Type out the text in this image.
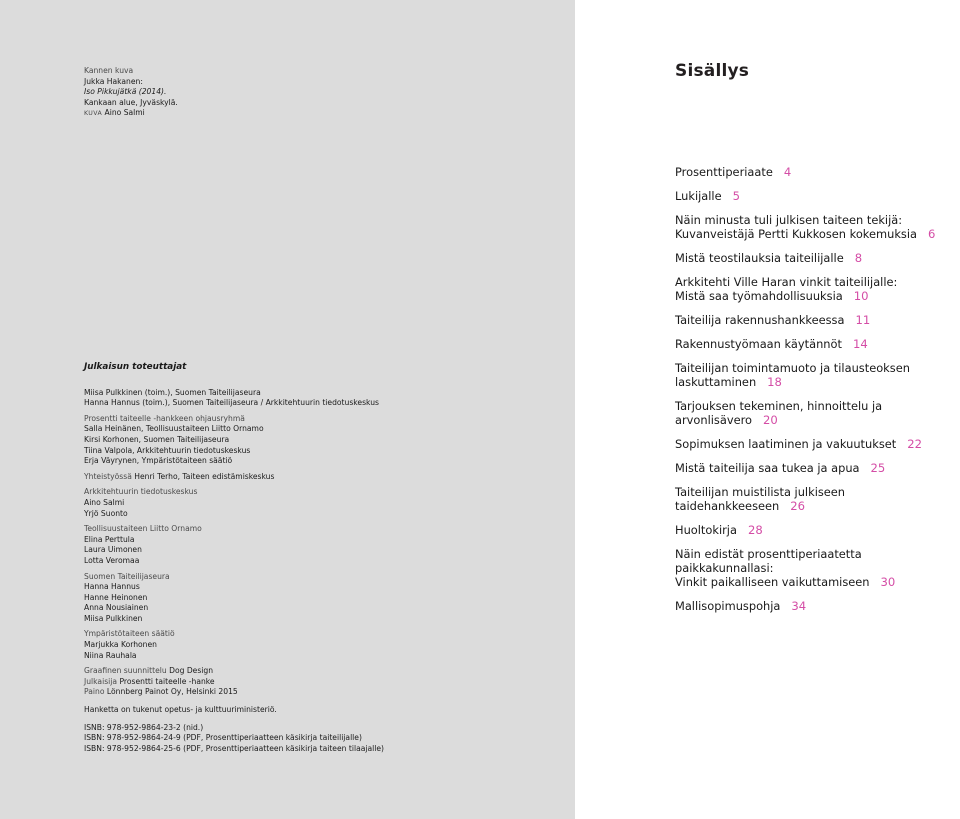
Kannen kuva
Jukka Hakanen:
Iso Pikkujätkä (2014).
Kankaan alue, Jyväskylä.
KUVA Aino Salmi
Julkaisun toteuttajat
Miisa Pulkkinen (toim.), Suomen Taiteilijaseura
Hanna Hannus (toim.), Suomen Taiteilijaseura / Arkkitehtuurin tiedotuskeskus
Prosentti taiteelle -hankkeen ohjausryhmä
Salla Heinänen, Teollisuustaiteen Liitto Ornamo
Kirsi Korhonen, Suomen Taiteilijaseura
Tiina Valpola, Arkkitehtuurin tiedotuskeskus
Erja Väyrynen, Ympäristötaiteen säätiö
Yhteistyössä Henri Terho, Taiteen edistämiskeskus
Arkkitehtuurin tiedotuskeskus
Aino Salmi
Yrjö Suonto
Teollisuustaiteen Liitto Ornamo
Elina Perttula
Laura Uimonen
Lotta Veromaa
Suomen Taiteilijaseura
Hanna Hannus
Hanne Heinonen
Anna Nousiainen
Miisa Pulkkinen
Ympäristötaiteen säätiö
Marjukka Korhonen
Niina Rauhala
Graafinen suunnittelu Dog Design
Julkaisija Prosentti taiteelle -hanke
Paino Lönnberg Painot Oy, Helsinki 2015
Hanketta on tukenut opetus- ja kulttuuriministeriö.
ISNB: 978-952-9864-23-2 (nid.)
ISBN: 978-952-9864-24-9 (PDF, Prosenttiperiaatteen käsikirja taiteilijalle)
ISBN: 978-952-9864-25-6 (PDF, Prosenttiperiaatteen käsikirja taiteen tilaajalle)
Sisällys
Prosenttiperiaate 4
Lukijalle 5
Näin minusta tuli julkisen taiteen tekijä:
Kuvanveistäjä Pertti Kukkosen kokemuksia 6
Mistä teostilauksia taiteilijalle 8
Arkkitehti Ville Haran vinkit taiteilijalle:
Mistä saa työmahdollisuuksia 10
Taiteilija rakennushankkeessa 11
Rakennustyömaan käytännöt 14
Taiteilijan toimintamuoto ja tilausteoksen laskuttaminen 18
Tarjouksen tekeminen, hinnoittelu ja arvonlisävero 20
Sopimuksen laatiminen ja vakuutukset 22
Mistä taiteilija saa tukea ja apua 25
Taiteilijan muistilista julkiseen taidehankkeeseen 26
Huoltokirja 28
Näin edistät prosenttiperiaatetta paikkakunnallasi:
Vinkit paikalliseen vaikuttamiseen 30
Mallisopimuspohja 34
